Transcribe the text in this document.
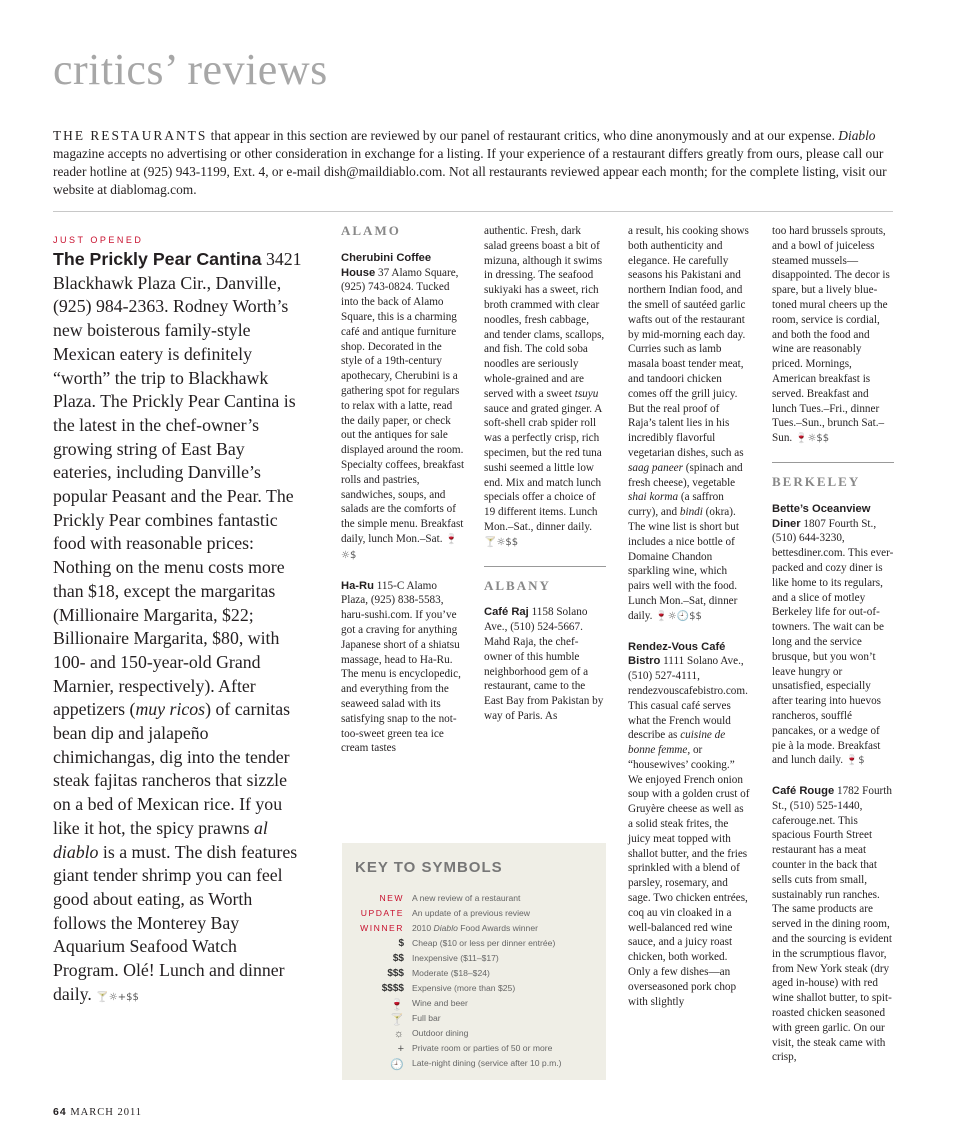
critics’ reviews
THE RESTAURANTS that appear in this section are reviewed by our panel of restaurant critics, who dine anonymously and at our expense. Diablo magazine accepts no advertising or other consideration in exchange for a listing. If your experience of a restaurant differs greatly from ours, please call our reader hotline at (925) 943-1199, Ext. 4, or e-mail dish@maildiablo.com. Not all restaurants reviewed appear each month; for the complete listing, visit our website at diablomag.com.
JUST OPENED
The Prickly Pear Cantina 3421 Blackhawk Plaza Cir., Danville, (925) 984-2363. Rodney Worth’s new boisterous family-style Mexican eatery is definitely “worth” the trip to Blackhawk Plaza. The Prickly Pear Cantina is the latest in the chef-owner’s growing string of East Bay eateries, including Danville’s popular Peasant and the Pear. The Prickly Pear combines fantastic food with reasonable prices: Nothing on the menu costs more than $18, except the margaritas (Millionaire Margarita, $22; Billionaire Margarita, $80, with 100- and 150-year-old Grand Marnier, respectively). After appetizers (muy ricos) of carnitas bean dip and jalapeño chimichangas, dig into the tender steak fajitas rancheros that sizzle on a bed of Mexican rice. If you like it hot, the spicy prawns al diablo is a must. The dish features giant tender shrimp you can feel good about eating, as Worth follows the Monterey Bay Aquarium Seafood Watch Program. Olé! Lunch and dinner daily. 🍸☼+$$
ALAMO

Cherubini Coffee House 37 Alamo Square, (925) 743-0824. Tucked into the back of Alamo Square, this is a charming café and antique furniture shop. Decorated in the style of a 19th-century apothecary, Cherubini is a gathering spot for regulars to relax with a latte, read the daily paper, or check out the antiques for sale displayed around the room. Specialty coffees, breakfast rolls and pastries, sandwiches, soups, and salads are the comforts of the simple menu. Breakfast daily, lunch Mon.–Sat. 🍷☼$

Ha-Ru 115-C Alamo Plaza, (925) 838-5583, haru-sushi.com. If you’ve got a craving for anything Japanese short of a shiatsu massage, head to Ha-Ru. The menu is encyclopedic, and everything from the seaweed salad with its satisfying snap to the not-too-sweet green tea ice cream tastes

authentic. Fresh, dark salad greens boast a bit of mizuna, although it swims in dressing. The seafood sukiyaki has a sweet, rich broth crammed with clear noodles, fresh cabbage, and tender clams, scallops, and fish. The cold soba noodles are seriously whole-grained and are served with a sweet tsuyu sauce and grated ginger. A soft-shell crab spider roll was a perfectly crisp, rich specimen, but the red tuna sushi seemed a little low end. Mix and match lunch specials offer a choice of 19 different items. Lunch Mon.–Sat., dinner daily. 🍸☼$$

ALBANY

Café Raj 1158 Solano Ave., (510) 524-5667. Mahd Raja, the chef-owner of this humble neighborhood gem of a restaurant, came to the East Bay from Pakistan by way of Paris. As

a result, his cooking shows both authenticity and elegance. He carefully seasons his Pakistani and northern Indian food, and the smell of sautéed garlic wafts out of the restaurant by mid-morning each day. Curries such as lamb masala boast tender meat, and tandoori chicken comes off the grill juicy. But the real proof of Raja’s talent lies in his incredibly flavorful vegetarian dishes, such as saag paneer (spinach and fresh cheese), vegetable shai korma (a saffron curry), and bindi (okra). The wine list is short but includes a nice bottle of Domaine Chandon sparkling wine, which pairs well with the food. Lunch Mon.–Sat, dinner daily. 🍷☼🕘$$

Rendez-Vous Café Bistro 1111 Solano Ave., (510) 527-4111, rendezvouscafebistro.com. This casual café serves what the French would describe as cuisine de bonne femme, or “housewives’ cooking.” We enjoyed French onion soup with a golden crust of Gruyère cheese as well as a solid steak frites, the juicy meat topped with shallot butter, and the fries sprinkled with a blend of parsley, rosemary, and sage. Two chicken entrées, coq au vin cloaked in a well-balanced red wine sauce, and a juicy roast chicken, both worked. Only a few dishes—an overseasoned pork chop with slightly

too hard brussels sprouts, and a bowl of juiceless steamed mussels—disappointed. The decor is spare, but a lively blue-toned mural cheers up the room, service is cordial, and both the food and wine are reasonably priced. Mornings, American breakfast is served. Breakfast and lunch Tues.–Fri., dinner Tues.–Sun., brunch Sat.–Sun. 🍷☼$$

BERKELEY

Bette’s Oceanview Diner 1807 Fourth St., (510) 644-3230, bettesdiner.com. This ever-packed and cozy diner is like home to its regulars, and a slice of motley Berkeley life for out-of-towners. The wait can be long and the service brusque, but you won’t leave hungry or unsatisfied, especially after tearing into huevos rancheros, soufflé pancakes, or a wedge of pie à la mode. Breakfast and lunch daily. 🍷$

Café Rouge 1782 Fourth St., (510) 525-1440, caferouge.net. This spacious Fourth Street restaurant has a meat counter in the back that sells cuts from small, sustainably run ranches. The same products are served in the dining room, and the sourcing is evident in the scrumptious flavor, from New York steak (dry aged in-house) with red wine shallot butter, to spit-roasted chicken seasoned with green garlic. On our visit, the steak came with crisp,

KEY TO SYMBOLS
NEW A new review of a restaurant
UPDATE An update of a previous review
WINNER 2010 Diablo Food Awards winner
$ Cheap ($10 or less per dinner entrée)
$$ Inexpensive ($11–$17)
$$$ Moderate ($18–$24)
$$$$ Expensive (more than $25)
🍷 Wine and beer
🍸 Full bar
☼ Outdoor dining
+ Private room or parties of 50 or more
🕘 Late-night dining (service after 10 p.m.)
64 MARCH 2011
